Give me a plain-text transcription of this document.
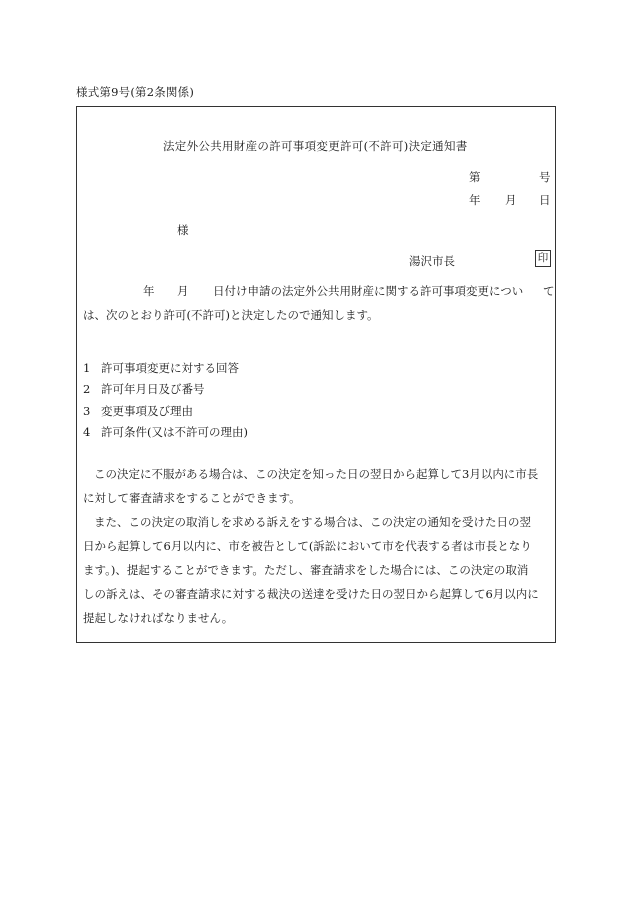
様式第9号(第2条関係)
法定外公共用財産の許可事項変更許可(不許可)決定通知書
第	号
年 月 日
様
湯沢市長	印
年 月 日付け申請の法定外公共用財産に関する許可事項変更につい て
は、次のとおり許可(不許可)と決定したので通知します。
1 許可事項変更に対する回答
2 許可年月日及び番号
3 変更事項及び理由
4 許可条件(又は不許可の理由)
この決定に不服がある場合は、この決定を知った日の翌日から起算して3月以内に市長
に対して審査請求をすることができます。
また、この決定の取消しを求める訴えをする場合は、この決定の通知を受けた日の翌
日から起算して6月以内に、市を被告として(訴訟において市を代表する者は市長となり
ます。)、提起することができます。ただし、審査請求をした場合には、この決定の取消
しの訴えは、その審査請求に対する裁決の送達を受けた日の翌日から起算して6月以内に
提起しなければなりません。
